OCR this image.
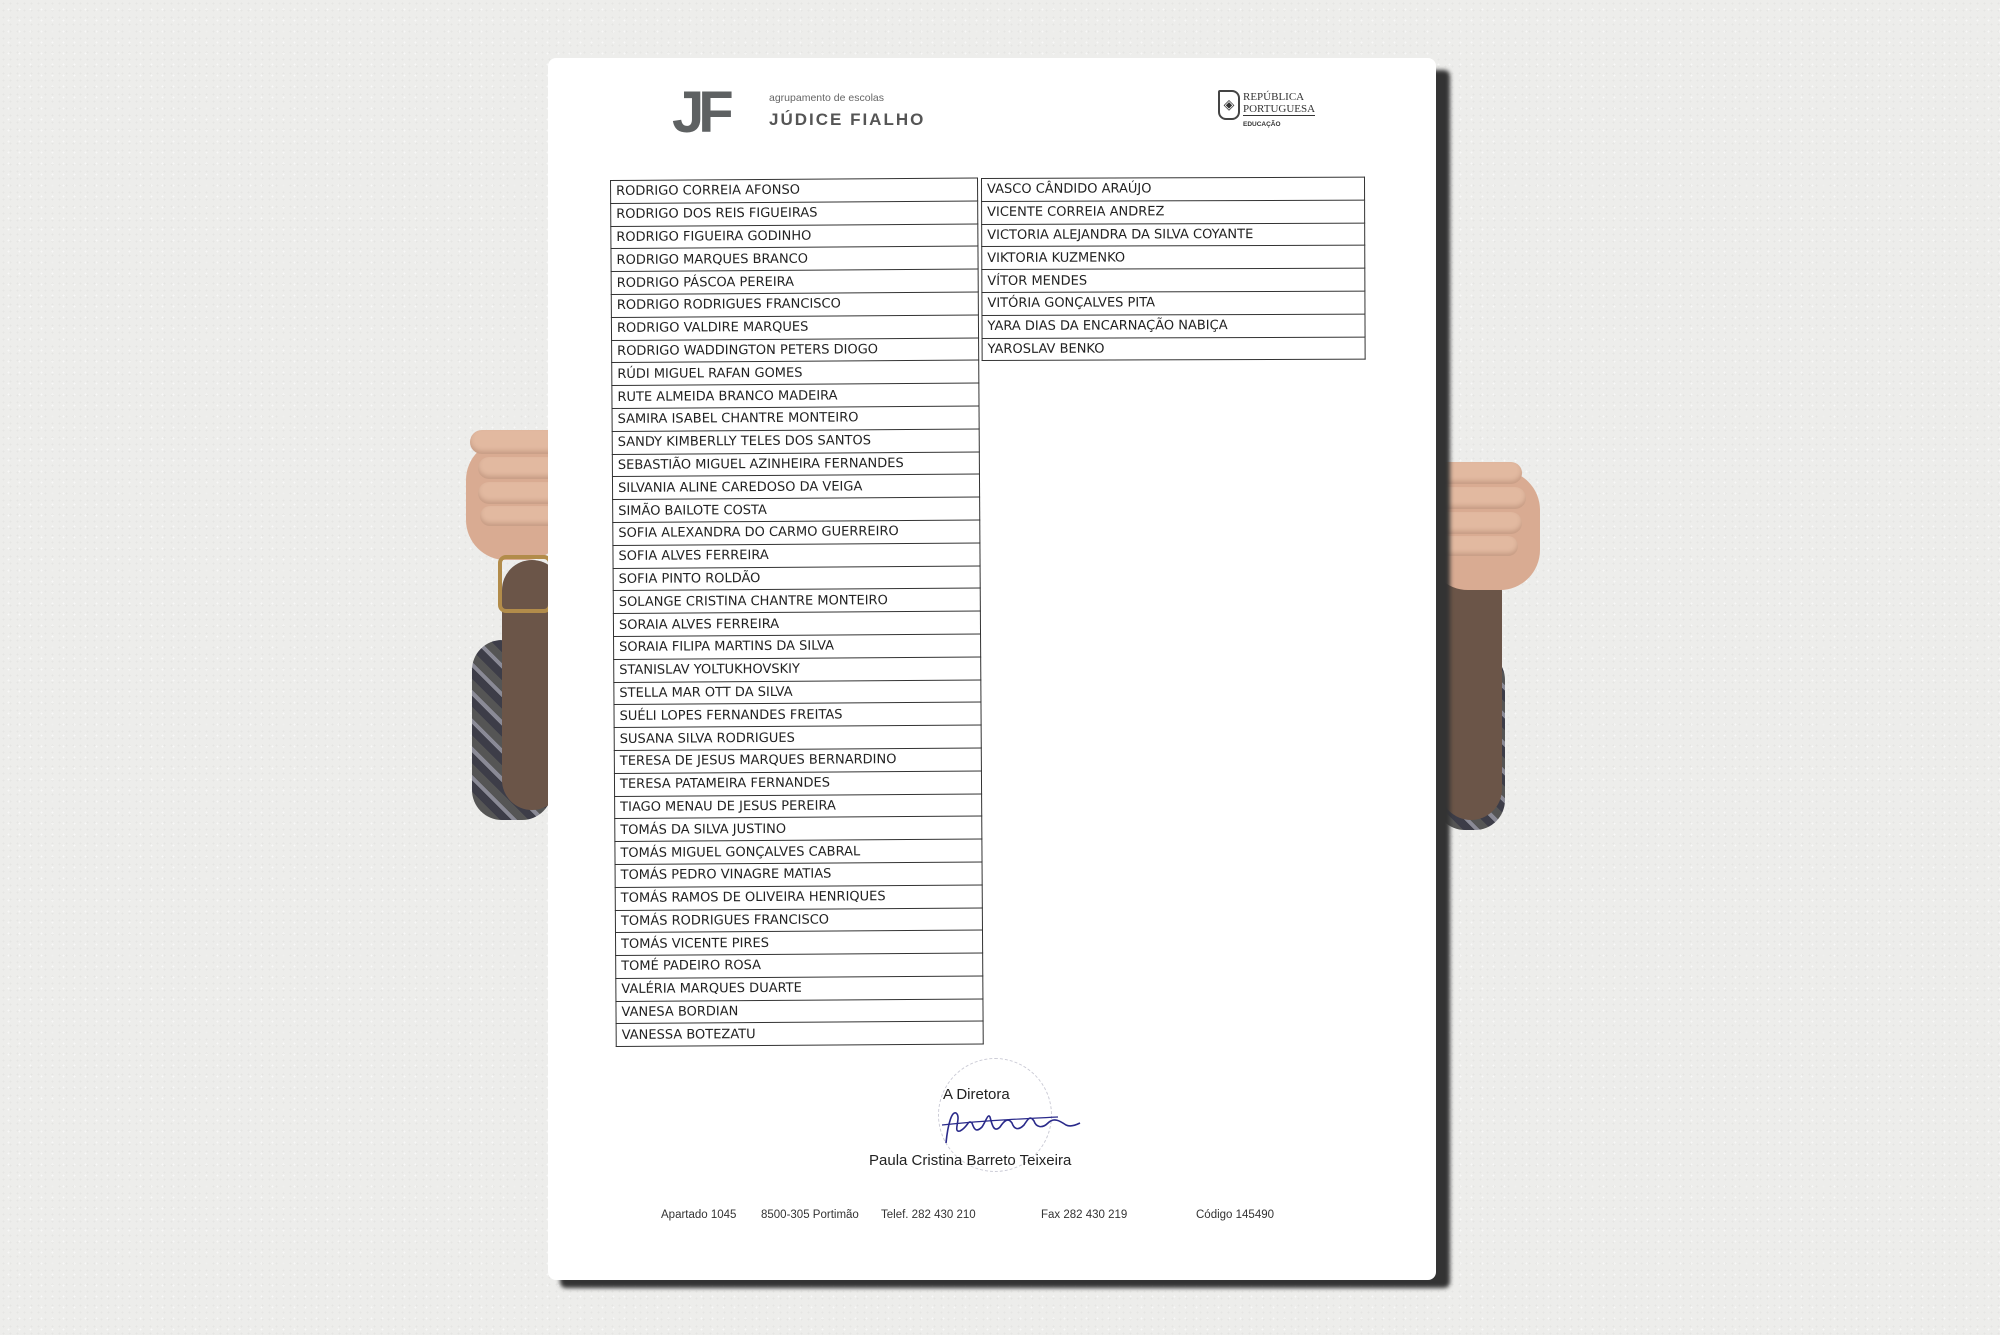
JF	agrupamento de escolas
JÚDICE FIALHO
◈ REPÚBLICA
PORTUGUESA
EDUCAÇÃO
RODRIGO CORREIA AFONSO
RODRIGO DOS REIS FIGUEIRAS
RODRIGO FIGUEIRA GODINHO
RODRIGO MARQUES BRANCO
RODRIGO PÁSCOA PEREIRA
RODRIGO RODRIGUES FRANCISCO
RODRIGO VALDIRE MARQUES
RODRIGO WADDINGTON PETERS DIOGO
RÚDI MIGUEL RAFAN GOMES
RUTE ALMEIDA BRANCO MADEIRA
SAMIRA ISABEL CHANTRE MONTEIRO
SANDY KIMBERLLY TELES DOS SANTOS
SEBASTIÃO MIGUEL AZINHEIRA FERNANDES
SILVANIA ALINE CAREDOSO DA VEIGA
SIMÃO BAILOTE COSTA
SOFIA ALEXANDRA DO CARMO GUERREIRO
SOFIA ALVES FERREIRA
SOFIA PINTO ROLDÃO
SOLANGE CRISTINA CHANTRE MONTEIRO
SORAIA ALVES FERREIRA
SORAIA FILIPA MARTINS DA SILVA
STANISLAV YOLTUKHOVSKIY
STELLA MAR OTT DA SILVA
SUÉLI LOPES FERNANDES FREITAS
SUSANA SILVA RODRIGUES
TERESA DE JESUS MARQUES BERNARDINO
TERESA PATAMEIRA FERNANDES
TIAGO MENAU DE JESUS PEREIRA
TOMÁS DA SILVA JUSTINO
TOMÁS MIGUEL GONÇALVES CABRAL
TOMÁS PEDRO VINAGRE MATIAS
TOMÁS RAMOS DE OLIVEIRA HENRIQUES
TOMÁS RODRIGUES FRANCISCO
TOMÁS VICENTE PIRES
TOMÉ PADEIRO ROSA
VALÉRIA MARQUES DUARTE
VANESA BORDIAN
VANESSA BOTEZATU
VASCO CÂNDIDO ARAÚJO
VICENTE CORREIA ANDREZ
VICTORIA ALEJANDRA DA SILVA COYANTE
VIKTORIA KUZMENKO
VÍTOR MENDES
VITÓRIA GONÇALVES PITA
YARA DIAS DA ENCARNAÇÃO NABIÇA
YAROSLAV BENKO
A Diretora
Paula Cristina Barreto Teixeira
Apartado 1045 8500-305 Portimão Telef. 282 430 210	Fax 282 430 219	Código 145490
